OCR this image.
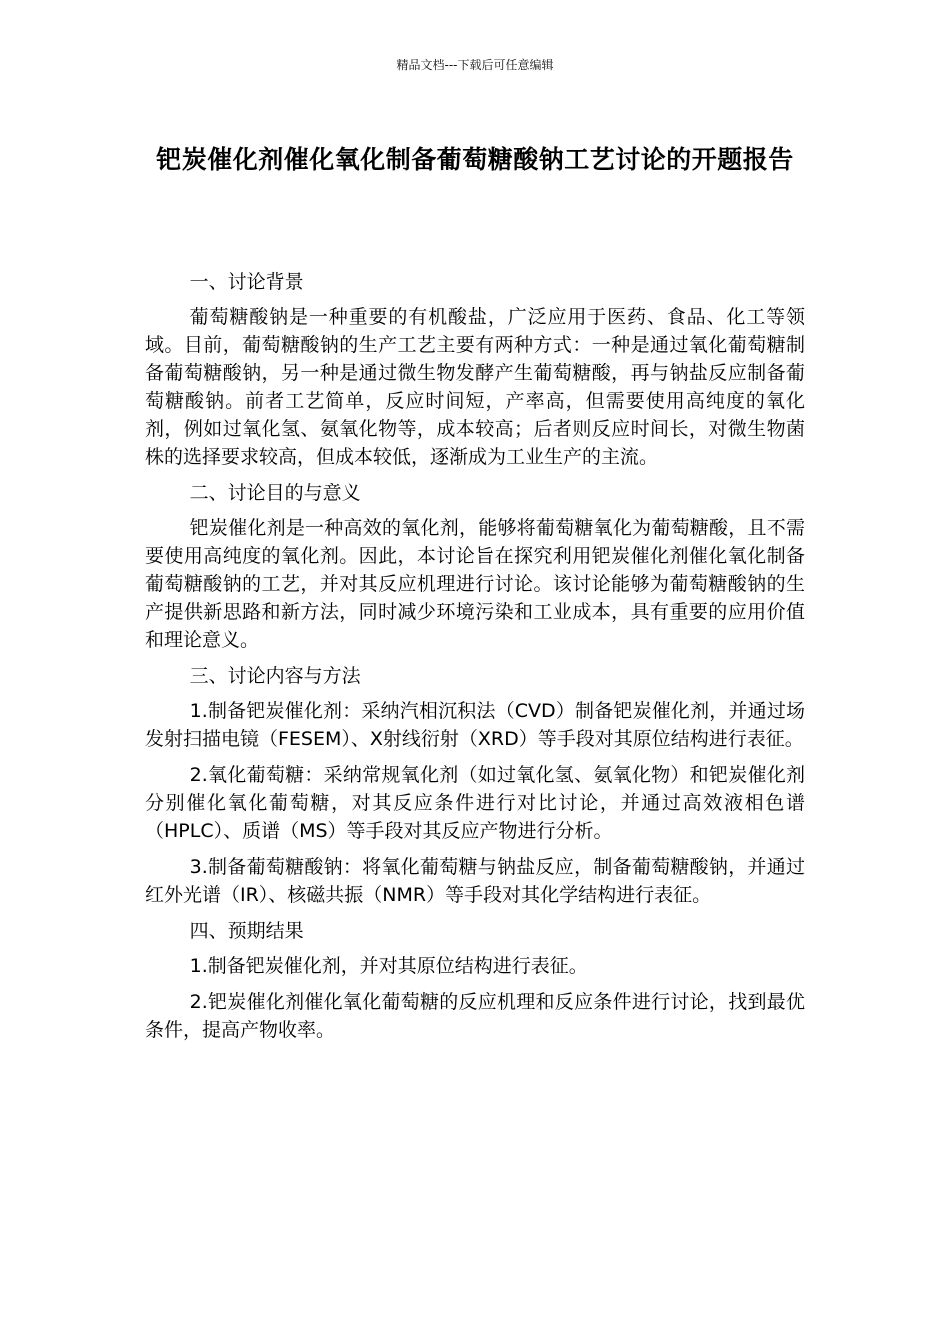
精品文档---下载后可任意编辑
钯炭催化剂催化氧化制备葡萄糖酸钠工艺讨论的开题报告

一、讨论背景

葡萄糖酸钠是一种重要的有机酸盐，广泛应用于医药、食品、化工等领域。目前，葡萄糖酸钠的生产工艺主要有两种方式：一种是通过氧化葡萄糖制备葡萄糖酸钠，另一种是通过微生物发酵产生葡萄糖酸，再与钠盐反应制备葡萄糖酸钠。前者工艺简单，反应时间短，产率高，但需要使用高纯度的氧化剂，例如过氧化氢、氨氧化物等，成本较高；后者则反应时间长，对微生物菌株的选择要求较高，但成本较低，逐渐成为工业生产的主流。

二、讨论目的与意义

钯炭催化剂是一种高效的氧化剂，能够将葡萄糖氧化为葡萄糖酸，且不需要使用高纯度的氧化剂。因此，本讨论旨在探究利用钯炭催化剂催化氧化制备葡萄糖酸钠的工艺，并对其反应机理进行讨论。该讨论能够为葡萄糖酸钠的生产提供新思路和新方法，同时减少环境污染和工业成本，具有重要的应用价值和理论意义。

三、讨论内容与方法

1.制备钯炭催化剂：采纳汽相沉积法（CVD）制备钯炭催化剂，并通过场发射扫描电镜（FESEM）、X射线衍射（XRD）等手段对其原位结构进行表征。

2.氧化葡萄糖：采纳常规氧化剂（如过氧化氢、氨氧化物）和钯炭催化剂分别催化氧化葡萄糖，对其反应条件进行对比讨论，并通过高效液相色谱（HPLC）、质谱（MS）等手段对其反应产物进行分析。

3.制备葡萄糖酸钠：将氧化葡萄糖与钠盐反应，制备葡萄糖酸钠，并通过红外光谱（IR）、核磁共振（NMR）等手段对其化学结构进行表征。

四、预期结果

1.制备钯炭催化剂，并对其原位结构进行表征。

2.钯炭催化剂催化氧化葡萄糖的反应机理和反应条件进行讨论，找到最优条件，提高产物收率。
